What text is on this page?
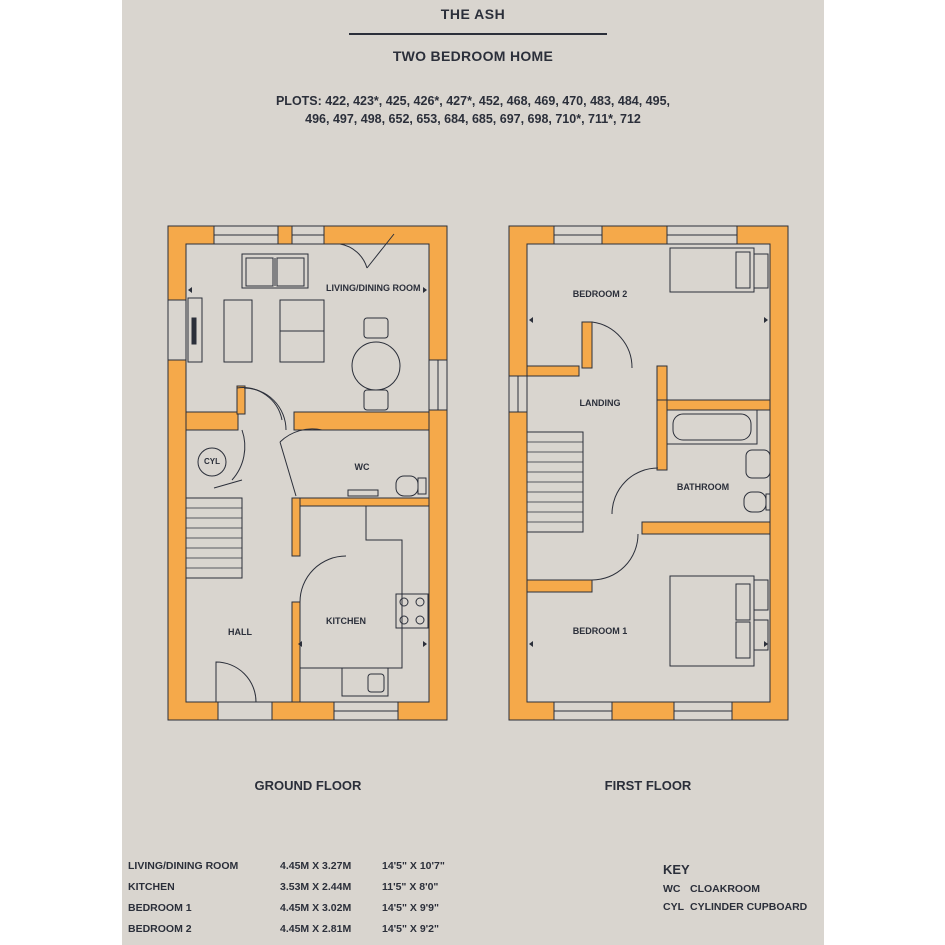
THE ASH
TWO BEDROOM HOME
PLOTS: 422, 423*, 425, 426*, 427*, 452, 468, 469, 470, 483, 484, 495,
496, 497, 498, 652, 653, 684, 685, 697, 698, 710*, 711*, 712
LIVING/DINING ROOM
WC
KITCHEN
HALL
CYL
BEDROOM 2
LANDING
BATHROOM
BEDROOM 1
GROUND FLOOR	FIRST FLOOR
LIVING/DINING ROOM	4.45M X 3.27M	14'5" X 10'7"
KITCHEN	3.53M X 2.44M	11'5" X 8'0"
BEDROOM 1	4.45M X 3.02M	14'5" X 9'9"
BEDROOM 2	4.45M X 2.81M	14'5" X 9'2"
KEY
WC CLOAKROOM
CYL CYLINDER CUPBOARD
